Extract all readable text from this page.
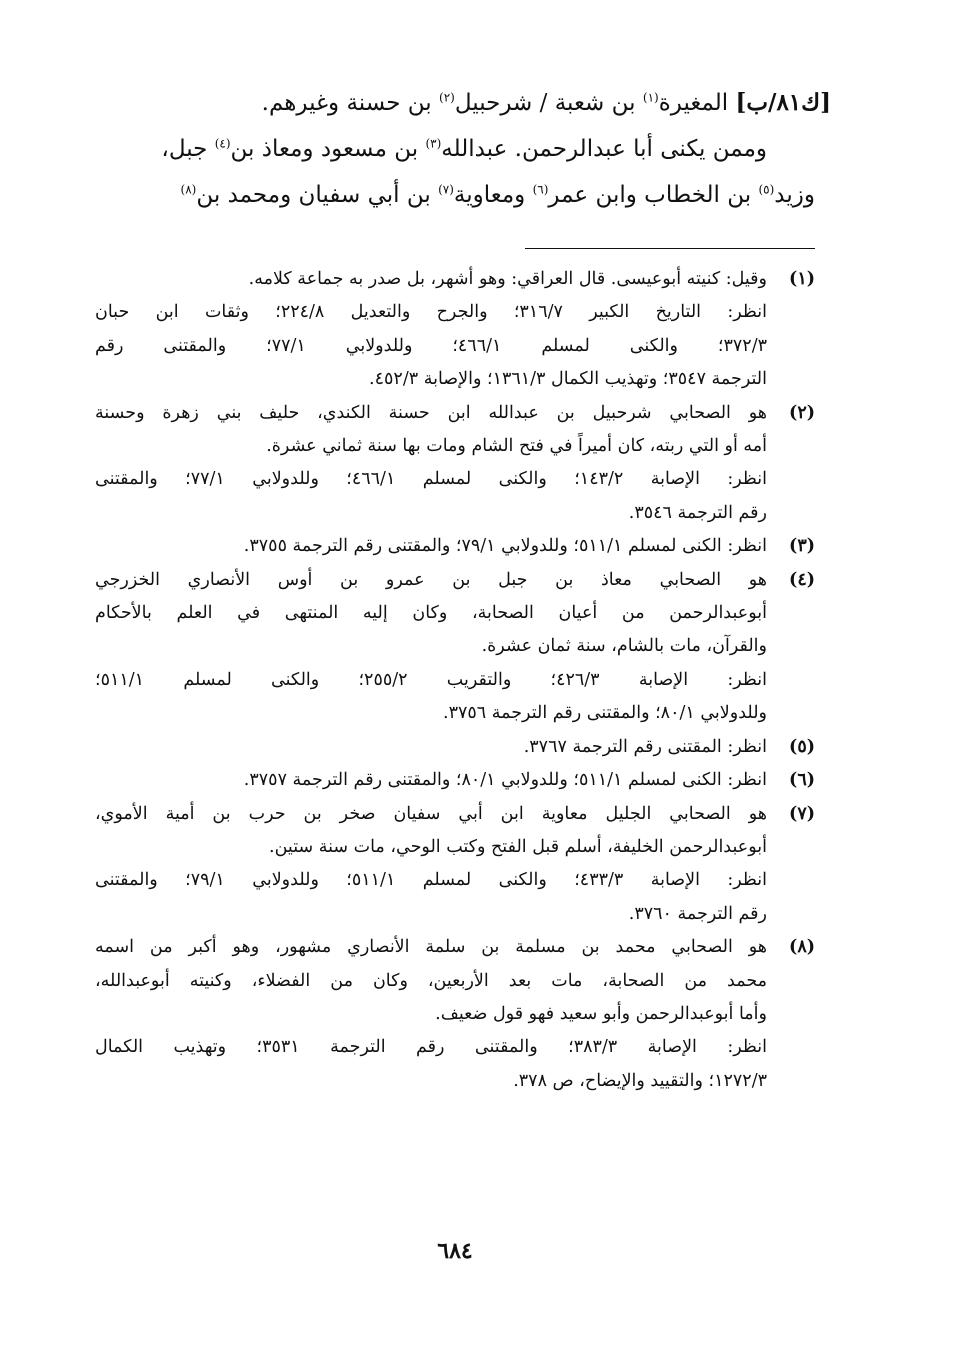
[ك٨١/ب] المغيرة$^{(١)}$ بن شعبة / شرحبيل$^{(٢)}$ بن حسنة وغيرهم.
وممن يكنى أبا عبدالرحمن. عبدالله$^{(٣)}$ بن مسعود ومعاذ بن$^{(٤)}$ جبل،
وزيد$^{(٥)}$ بن الخطاب وابن عمر$^{(٦)}$ ومعاوية$^{(٧)}$ بن أبي سفيان ومحمد بن$^{(٨)}$
(١)
وقيل: كنيته أبوعيسى. قال العراقي: وهو أشهر، بل صدر به جماعة كلامه.
انظر: التاريخ الكبير ٣١٦/٧؛ والجرح والتعديل ٢٢٤/٨؛ وثقات ابن حبان
٣٧٢/٣؛ والكنى لمسلم ٤٦٦/١؛ وللدولابي ٧٧/١؛ والمقتنى رقم
الترجمة ٣٥٤٧؛ وتهذيب الكمال ١٣٦١/٣؛ والإصابة ٤٥٢/٣.
(٢)
هو الصحابي شرحبيل بن عبدالله ابن حسنة الكندي، حليف بني زهرة وحسنة
أمه أو التي ربته، كان أميراً في فتح الشام ومات بها سنة ثماني عشرة.
انظر: الإصابة ١٤٣/٢؛ والكنى لمسلم ٤٦٦/١؛ وللدولابي ٧٧/١؛ والمقتنى
رقم الترجمة ٣٥٤٦.
(٣)
انظر: الكنى لمسلم ٥١١/١؛ وللدولابي ٧٩/١؛ والمقتنى رقم الترجمة ٣٧٥٥.
(٤)
هو الصحابي معاذ بن جبل بن عمرو بن أوس الأنصاري الخزرجي
أبوعبدالرحمن من أعيان الصحابة، وكان إليه المنتهى في العلم بالأحكام
والقرآن، مات بالشام، سنة ثمان عشرة.
انظر: الإصابة ٤٢٦/٣؛ والتقريب ٢٥٥/٢؛ والكنى لمسلم ٥١١/١؛
وللدولابي ٨٠/١؛ والمقتنى رقم الترجمة ٣٧٥٦.
(٥)
انظر: المقتنى رقم الترجمة ٣٧٦٧.
(٦)
انظر: الكنى لمسلم ٥١١/١؛ وللدولابي ٨٠/١؛ والمقتنى رقم الترجمة ٣٧٥٧.
(٧)
هو الصحابي الجليل معاوية ابن أبي سفيان صخر بن حرب بن أمية الأموي،
أبوعبدالرحمن الخليفة، أسلم قبل الفتح وكتب الوحي، مات سنة ستين.
انظر: الإصابة ٤٣٣/٣؛ والكنى لمسلم ٥١١/١؛ وللدولابي ٧٩/١؛ والمقتنى
رقم الترجمة ٣٧٦٠.
(٨)
هو الصحابي محمد بن مسلمة بن سلمة الأنصاري مشهور، وهو أكبر من اسمه
محمد من الصحابة، مات بعد الأربعين، وكان من الفضلاء، وكنيته أبوعبدالله،
وأما أبوعبدالرحمن وأبو سعيد فهو قول ضعيف.
انظر: الإصابة ٣٨٣/٣؛ والمقتنى رقم الترجمة ٣٥٣١؛ وتهذيب الكمال
١٢٧٢/٣؛ والتقييد والإيضاح، ص ٣٧٨.
٦٨٤
